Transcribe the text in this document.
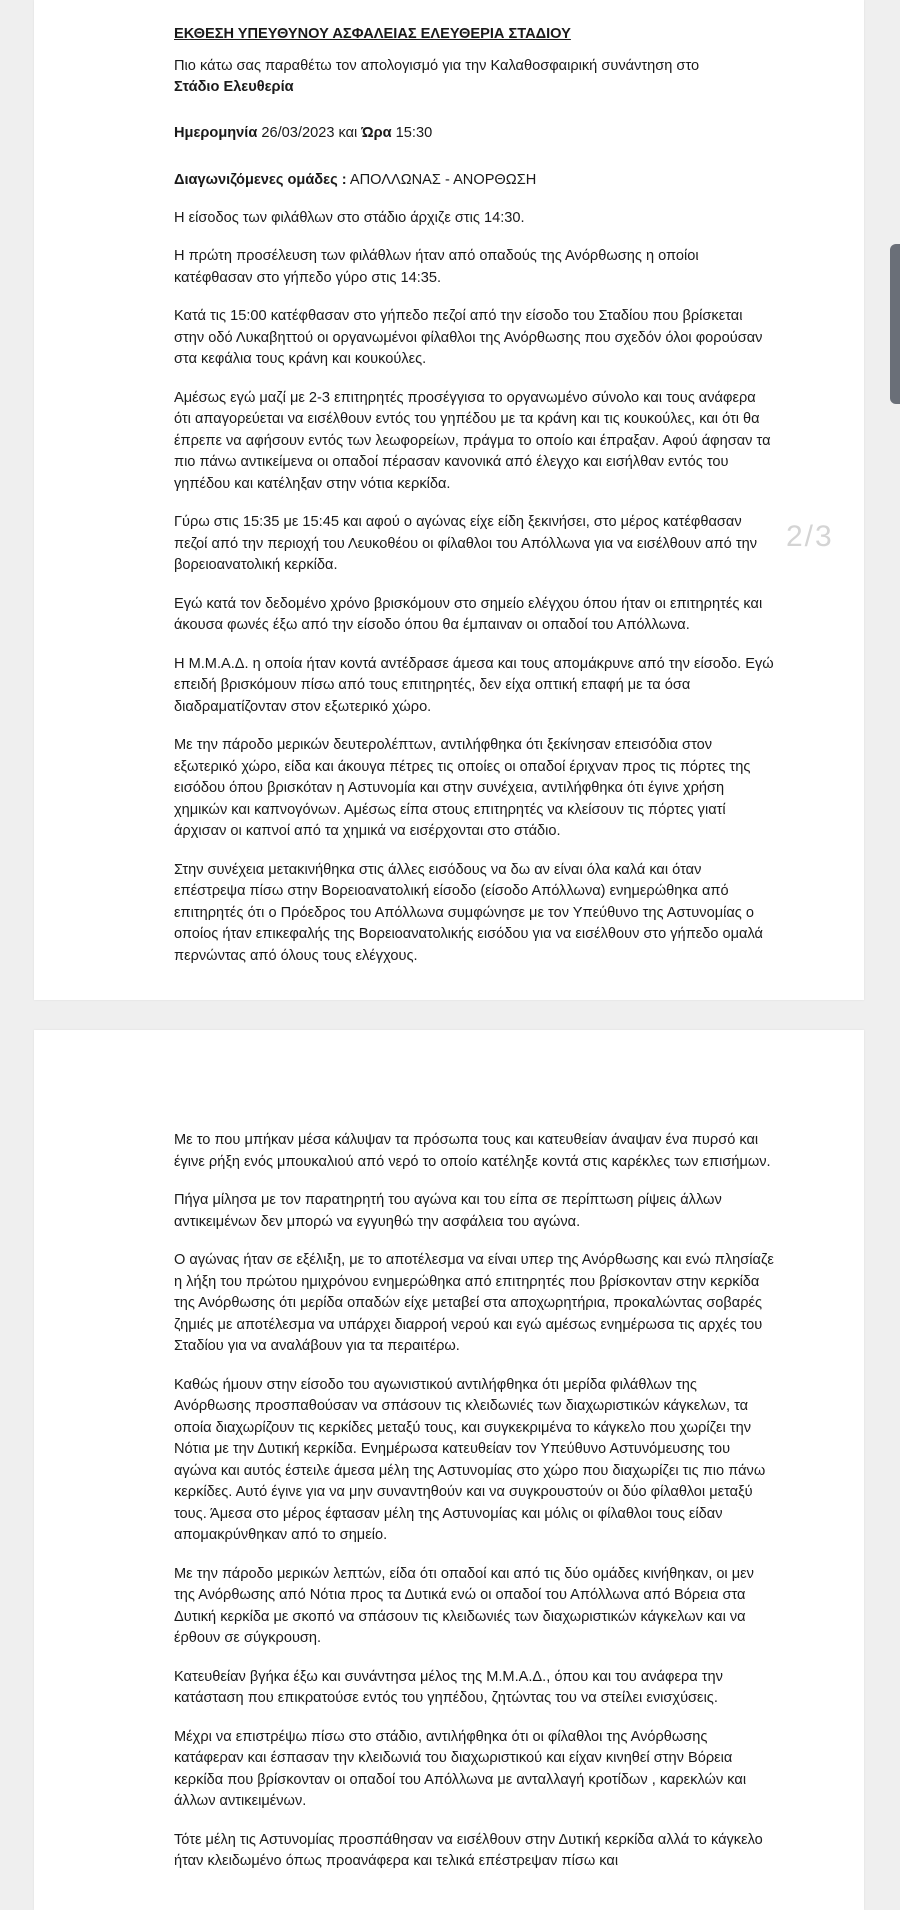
ΕΚΘΕΣΗ ΥΠΕΥΘΥΝΟΥ ΑΣΦΑΛΕΙΑΣ ΕΛΕΥΘΕΡΙΑ ΣΤΑΔΙΟΥ

Πιο κάτω σας παραθέτω τον απολογισμό για την Καλαθοσφαιρική συνάντηση στο
Στάδιο Ελευθερία

Ημερομηνία 26/03/2023 και Ώρα 15:30

Διαγωνιζόμενες ομάδες : ΑΠΟΛΛΩΝΑΣ - ΑΝΟΡΘΩΣΗ

Η είσοδος των φιλάθλων στο στάδιο άρχιζε στις 14:30.

Η πρώτη προσέλευση των φιλάθλων ήταν από οπαδούς της Ανόρθωσης η οποίοι κατέφθασαν στο γήπεδο γύρο στις 14:35.

Κατά τις 15:00 κατέφθασαν στο γήπεδο πεζοί από την είσοδο του Σταδίου που βρίσκεται στην οδό Λυκαβηττού οι οργανωμένοι φίλαθλοι της Ανόρθωσης που σχεδόν όλοι φορούσαν στα κεφάλια τους κράνη και κουκούλες.

Αμέσως εγώ μαζί με 2-3 επιτηρητές προσέγγισα το οργανωμένο σύνολο και τους ανάφερα ότι απαγορεύεται να εισέλθουν εντός του γηπέδου με τα κράνη και τις κουκούλες, και ότι θα έπρεπε να αφήσουν εντός των λεωφορείων, πράγμα το οποίο και έπραξαν. Αφού άφησαν τα πιο πάνω αντικείμενα οι οπαδοί πέρασαν κανονικά από έλεγχο και εισήλθαν εντός του γηπέδου και κατέληξαν στην νότια κερκίδα.

Γύρω στις 15:35 με 15:45 και αφού ο αγώνας είχε είδη ξεκινήσει, στο μέρος κατέφθασαν πεζοί από την περιοχή του Λευκοθέου οι φίλαθλοι του Απόλλωνα για να εισέλθουν από την βορειοανατολική κερκίδα.

Εγώ κατά τον δεδομένο χρόνο βρισκόμουν στο σημείο ελέγχου όπου ήταν οι επιτηρητές και άκουσα φωνές έξω από την είσοδο όπου θα έμπαιναν οι οπαδοί του Απόλλωνα.

Η Μ.Μ.Α.Δ. η οποία ήταν κοντά αντέδρασε άμεσα και τους απομάκρυνε από την είσοδο. Εγώ επειδή βρισκόμουν πίσω από τους επιτηρητές, δεν είχα οπτική επαφή με τα όσα διαδραματίζονταν στον εξωτερικό χώρο.

Με την πάροδο μερικών δευτερολέπτων, αντιλήφθηκα ότι ξεκίνησαν επεισόδια στον εξωτερικό χώρο, είδα και άκουγα πέτρες τις οποίες οι οπαδοί έριχναν προς τις πόρτες της εισόδου όπου βρισκόταν η Αστυνομία και στην συνέχεια, αντιλήφθηκα ότι έγινε χρήση χημικών και καπνογόνων. Αμέσως είπα στους επιτηρητές να κλείσουν τις πόρτες γιατί άρχισαν οι καπνοί από τα χημικά να εισέρχονται στο στάδιο.

Στην συνέχεια μετακινήθηκα στις άλλες εισόδους να δω αν είναι όλα καλά και όταν επέστρεψα πίσω στην Βορειοανατολική είσοδο (είσοδο Απόλλωνα) ενημερώθηκα από επιτηρητές ότι ο Πρόεδρος του Απόλλωνα συμφώνησε με τον Υπεύθυνο της Αστυνομίας ο οποίος ήταν επικεφαλής της Βορειοανατολικής εισόδου για να εισέλθουν στο γήπεδο ομαλά περνώντας από όλους τους ελέγχους.

2/3

Με το που μπήκαν μέσα κάλυψαν τα πρόσωπα τους και κατευθείαν άναψαν ένα πυρσό και έγινε ρήξη ενός μπουκαλιού από νερό το οποίο κατέληξε κοντά στις καρέκλες των επισήμων.

Πήγα μίλησα με τον παρατηρητή του αγώνα και του είπα σε περίπτωση ρίψεις άλλων αντικειμένων δεν μπορώ να εγγυηθώ την ασφάλεια του αγώνα.

Ο αγώνας ήταν σε εξέλιξη, με το αποτέλεσμα να είναι υπερ της Ανόρθωσης και ενώ πλησίαζε η λήξη του πρώτου ημιχρόνου ενημερώθηκα από επιτηρητές που βρίσκονταν στην κερκίδα της Ανόρθωσης ότι μερίδα οπαδών είχε μεταβεί στα αποχωρητήρια, προκαλώντας σοβαρές ζημιές με αποτέλεσμα να υπάρχει διαρροή νερού και εγώ αμέσως ενημέρωσα τις αρχές του Σταδίου για να αναλάβουν για τα περαιτέρω.

Καθώς ήμουν στην είσοδο του αγωνιστικού αντιλήφθηκα ότι μερίδα φιλάθλων της Ανόρθωσης προσπαθούσαν να σπάσουν τις κλειδωνιές των διαχωριστικών κάγκελων, τα οποία διαχωρίζουν τις κερκίδες μεταξύ τους, και συγκεκριμένα το κάγκελο που χωρίζει την Νότια με την Δυτική κερκίδα. Ενημέρωσα κατευθείαν τον Υπεύθυνο Αστυνόμευσης του αγώνα και αυτός έστειλε άμεσα μέλη της Αστυνομίας στο χώρο που διαχωρίζει τις πιο πάνω κερκίδες. Αυτό έγινε για να μην συναντηθούν και να συγκρουστούν οι δύο φίλαθλοι μεταξύ τους. Άμεσα στο μέρος έφτασαν μέλη της Αστυνομίας και μόλις οι φίλαθλοι τους είδαν απομακρύνθηκαν από το σημείο.

Με την πάροδο μερικών λεπτών, είδα ότι οπαδοί και από τις δύο ομάδες κινήθηκαν, οι μεν της Ανόρθωσης από Νότια προς τα Δυτικά ενώ οι οπαδοί του Απόλλωνα από Βόρεια στα Δυτική κερκίδα με σκοπό να σπάσουν τις κλειδωνιές των διαχωριστικών κάγκελων και να έρθουν σε σύγκρουση.

Κατευθείαν βγήκα έξω και συνάντησα μέλος της Μ.Μ.Α.Δ., όπου και του ανάφερα την κατάσταση που επικρατούσε εντός του γηπέδου, ζητώντας του να στείλει ενισχύσεις.

Μέχρι να επιστρέψω πίσω στο στάδιο, αντιλήφθηκα ότι οι φίλαθλοι της Ανόρθωσης κατάφεραν και έσπασαν την κλειδωνιά του διαχωριστικού και είχαν κινηθεί στην Βόρεια κερκίδα που βρίσκονταν οι οπαδοί του Απόλλωνα με ανταλλαγή κροτίδων , καρεκλών και άλλων αντικειμένων.

Τότε μέλη τις Αστυνομίας προσπάθησαν να εισέλθουν στην Δυτική κερκίδα αλλά το κάγκελο ήταν κλειδωμένο όπως προανάφερα και τελικά επέστρεψαν πίσω και
